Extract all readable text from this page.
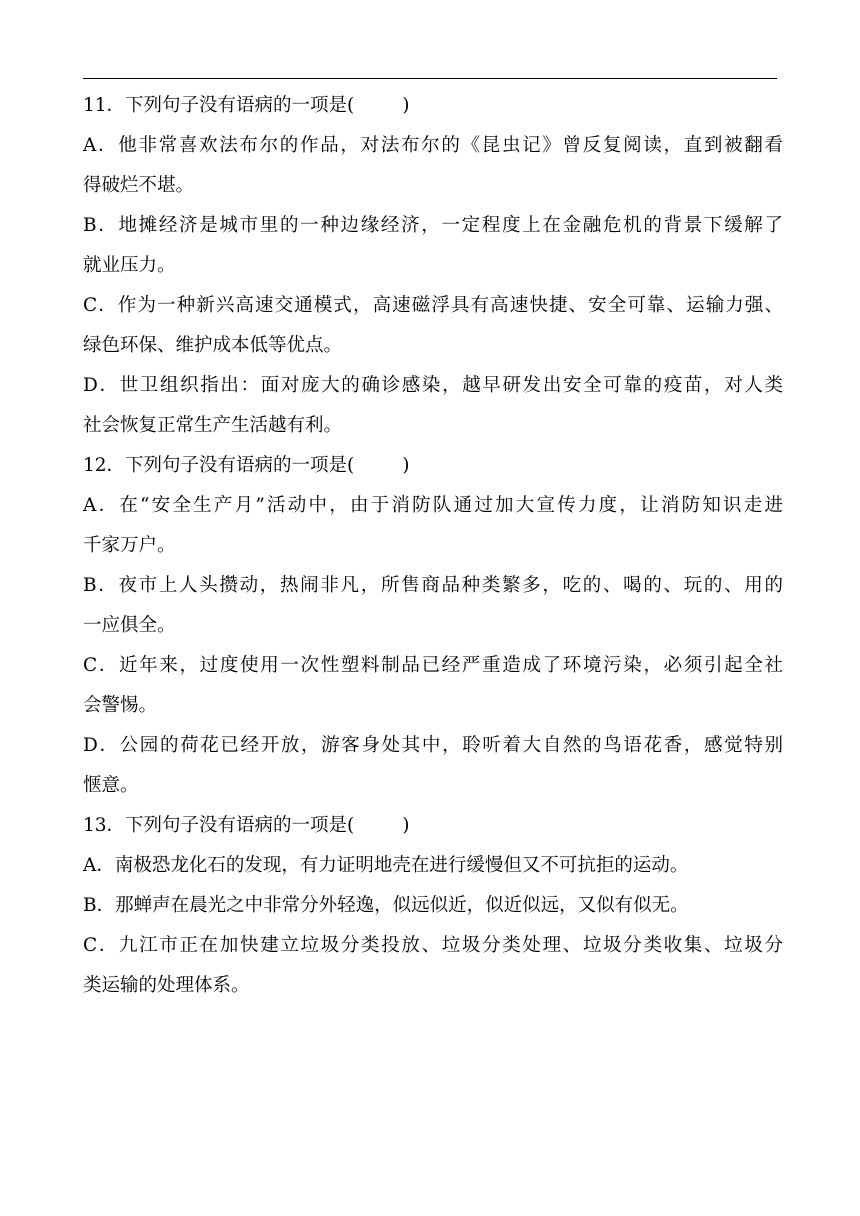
11．下列句子没有语病的一项是(	)
A．他非常喜欢法布尔的作品，对法布尔的《昆虫记》曾反复阅读，直到被翻看
得破烂不堪。
B．地摊经济是城市里的一种边缘经济，一定程度上在金融危机的背景下缓解了
就业压力。
C．作为一种新兴高速交通模式，高速磁浮具有高速快捷、安全可靠、运输力强、
绿色环保、维护成本低等优点。
D．世卫组织指出：面对庞大的确诊感染，越早研发出安全可靠的疫苗，对人类
社会恢复正常生产生活越有利。
12．下列句子没有语病的一项是(	)
A．在“安全生产月”活动中，由于消防队通过加大宣传力度，让消防知识走进
千家万户。
B．夜市上人头攒动，热闹非凡，所售商品种类繁多，吃的、喝的、玩的、用的
一应俱全。
C．近年来，过度使用一次性塑料制品已经严重造成了环境污染，必须引起全社
会警惕。
D．公园的荷花已经开放，游客身处其中，聆听着大自然的鸟语花香，感觉特别
惬意。
13．下列句子没有语病的一项是(	)
A．南极恐龙化石的发现，有力证明地壳在进行缓慢但又不可抗拒的运动。
B．那蝉声在晨光之中非常分外轻逸，似远似近，似近似远，又似有似无。
C．九江市正在加快建立垃圾分类投放、垃圾分类处理、垃圾分类收集、垃圾分
类运输的处理体系。
